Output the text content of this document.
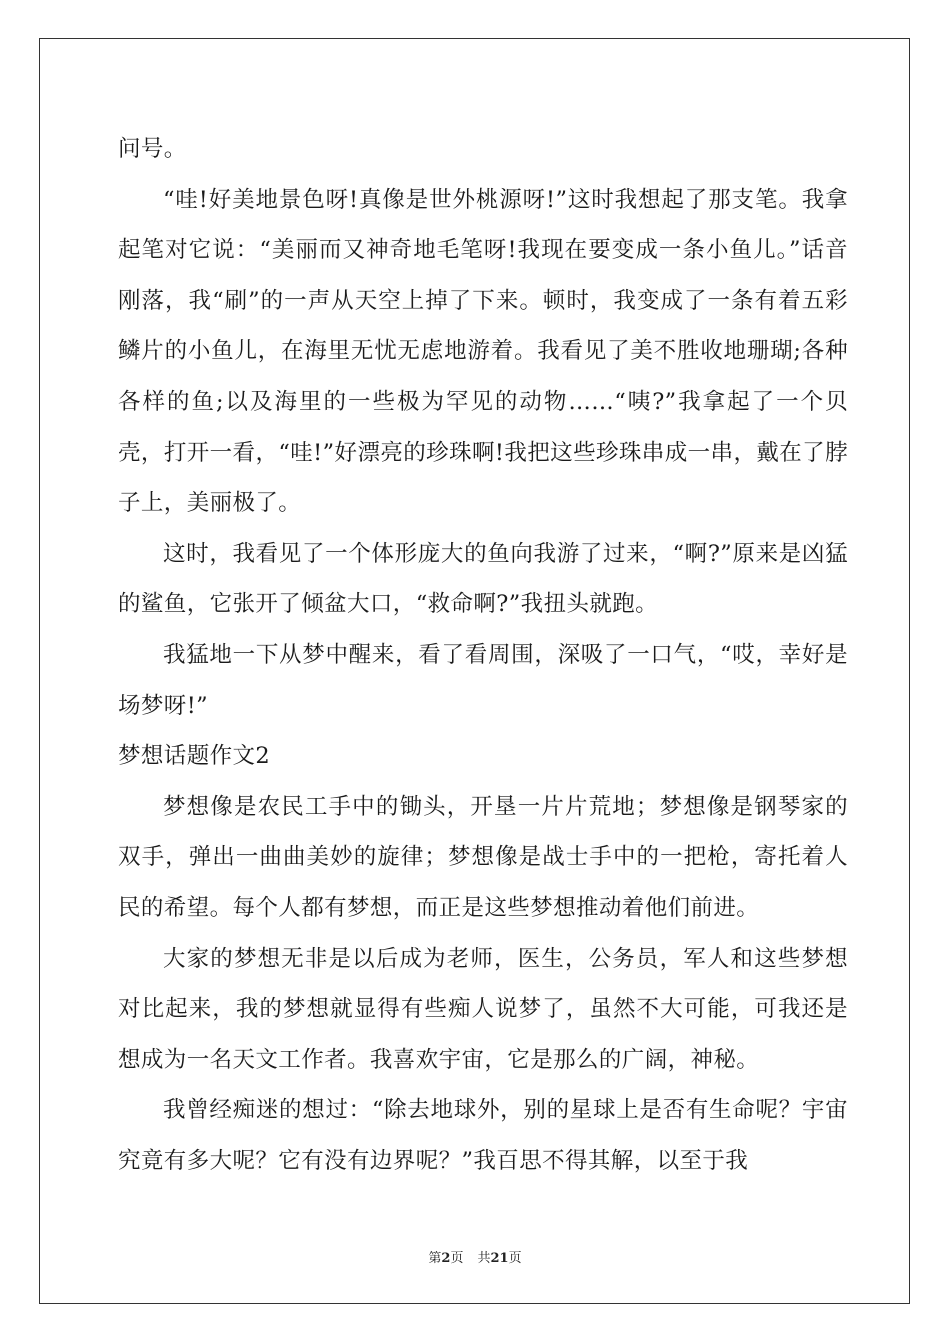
问号。

“哇!好美地景色呀!真像是世外桃源呀!”这时我想起了那支笔。我拿起笔对它说：“美丽而又神奇地毛笔呀!我现在要变成一条小鱼儿。”话音刚落，我“刷”的一声从天空上掉了下来。顿时，我变成了一条有着五彩鳞片的小鱼儿，在海里无忧无虑地游着。我看见了美不胜收地珊瑚;各种各样的鱼;以及海里的一些极为罕见的动物……“咦?”我拿起了一个贝壳，打开一看，“哇!”好漂亮的珍珠啊!我把这些珍珠串成一串，戴在了脖子上，美丽极了。

这时，我看见了一个体形庞大的鱼向我游了过来，“啊?”原来是凶猛的鲨鱼，它张开了倾盆大口，“救命啊?”我扭头就跑。

我猛地一下从梦中醒来，看了看周围，深吸了一口气，“哎，幸好是场梦呀!”

梦想话题作文2

梦想像是农民工手中的锄头，开垦一片片荒地；梦想像是钢琴家的双手，弹出一曲曲美妙的旋律；梦想像是战士手中的一把枪，寄托着人民的希望。每个人都有梦想，而正是这些梦想推动着他们前进。

大家的梦想无非是以后成为老师，医生，公务员，军人和这些梦想对比起来，我的梦想就显得有些痴人说梦了，虽然不大可能，可我还是想成为一名天文工作者。我喜欢宇宙，它是那么的广阔，神秘。

我曾经痴迷的想过：“除去地球外，别的星球上是否有生命呢？宇宙究竟有多大呢？它有没有边界呢？”我百思不得其解，以至于我

第2页 共21页
